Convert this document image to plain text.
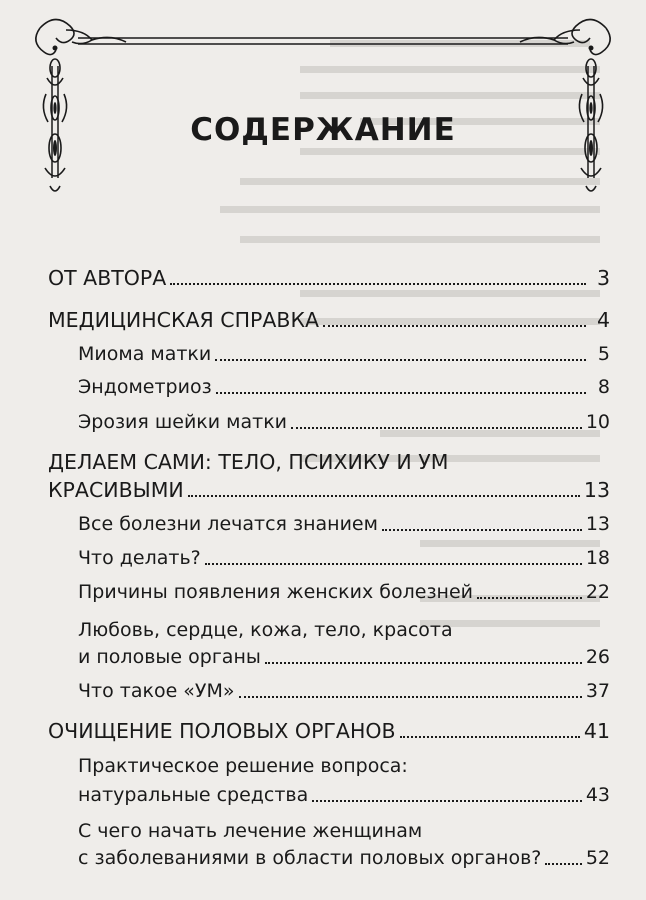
СОДЕРЖАНИЕ
ОТ АВТОРА	3
МЕДИЦИНСКАЯ СПРАВКА	4
Миома матки	5
Эндометриоз	8
Эрозия шейки матки	10
ДЕЛАЕМ САМИ: ТЕЛО, ПСИХИКУ И УМ
КРАСИВЫМИ	13
Все болезни лечатся знанием	13
Что делать?	18
Причины появления женских болезней	22
Любовь, сердце, кожа, тело, красота
и половые органы	26
Что такое «УМ»	37
ОЧИЩЕНИЕ ПОЛОВЫХ ОРГАНОВ	41
Практическое решение вопроса:
натуральные средства	43
С чего начать лечение женщинам
с заболеваниями в области половых органов? 52
